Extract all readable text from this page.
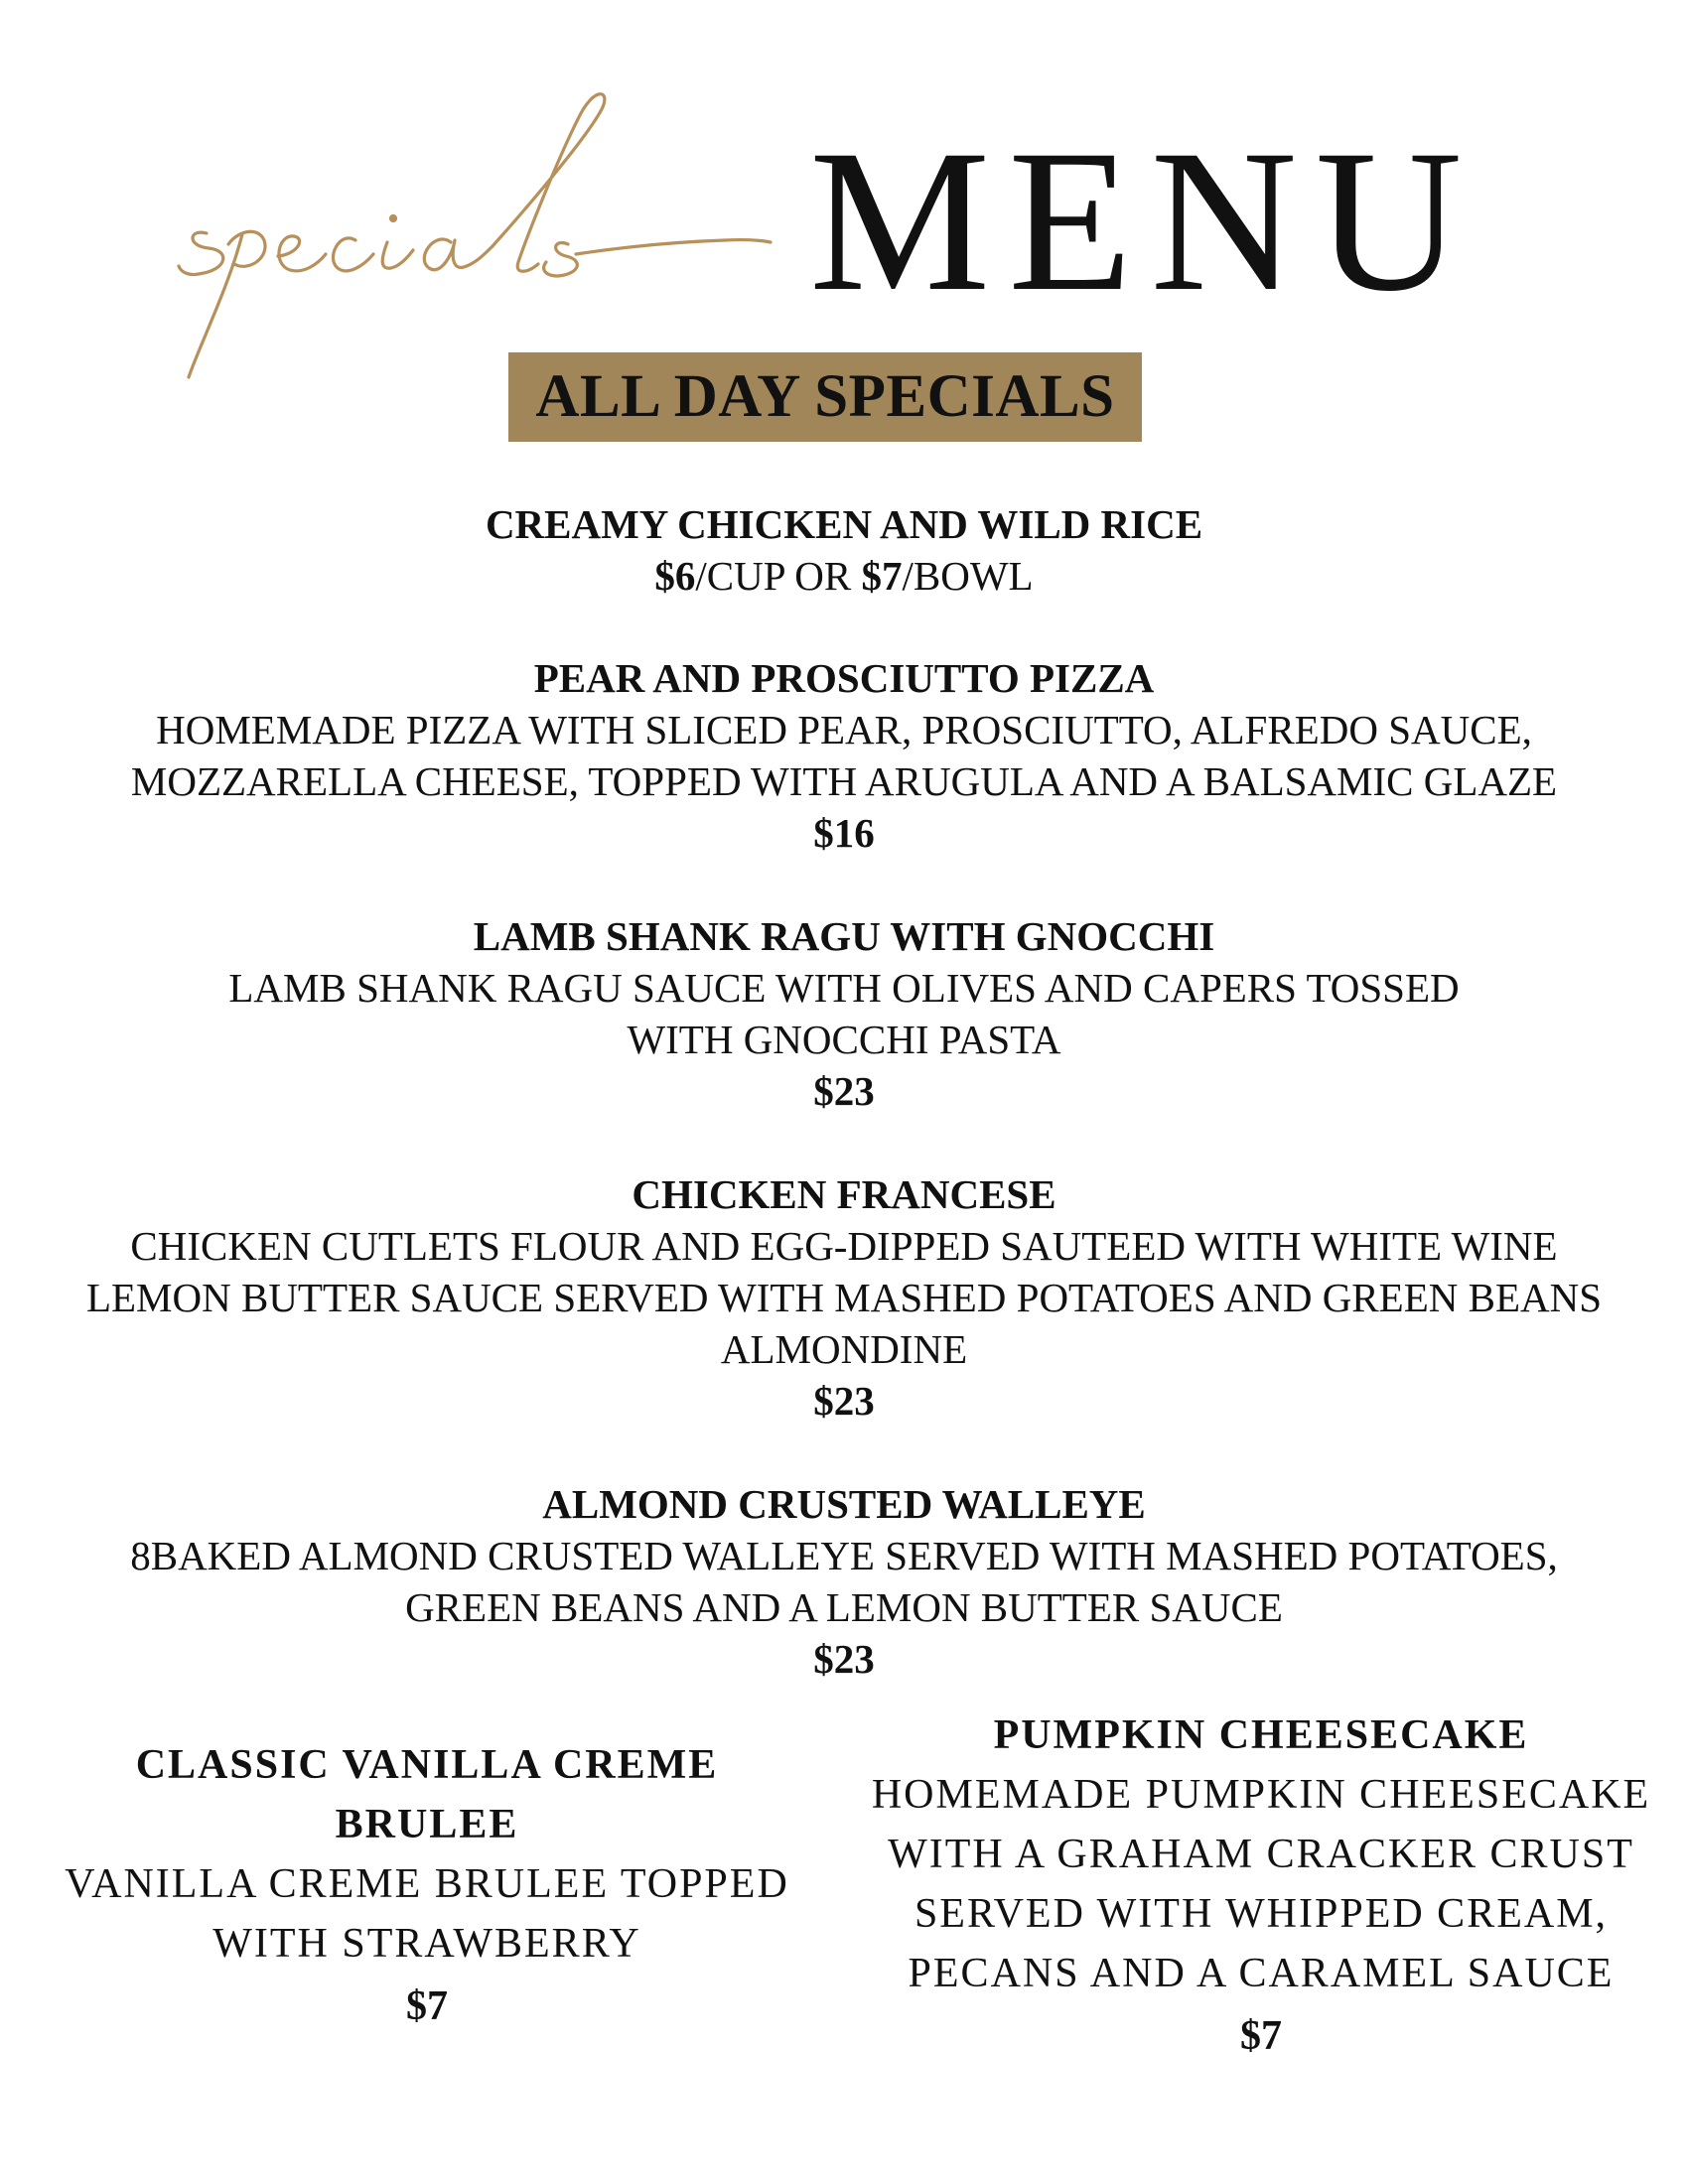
MENU
ALL DAY SPECIALS
CREAMY CHICKEN AND WILD RICE
$6/CUP OR $7/BOWL
PEAR AND PROSCIUTTO PIZZA
HOMEMADE PIZZA WITH SLICED PEAR, PROSCIUTTO, ALFREDO SAUCE,
MOZZARELLA CHEESE, TOPPED WITH ARUGULA AND A BALSAMIC GLAZE
$16
LAMB SHANK RAGU WITH GNOCCHI
LAMB SHANK RAGU SAUCE WITH OLIVES AND CAPERS TOSSED
WITH GNOCCHI PASTA
$23
CHICKEN FRANCESE
CHICKEN CUTLETS FLOUR AND EGG-DIPPED SAUTEED WITH WHITE WINE
LEMON BUTTER SAUCE SERVED WITH MASHED POTATOES AND GREEN BEANS
ALMONDINE
$23
ALMOND CRUSTED WALLEYE
8BAKED ALMOND CRUSTED WALLEYE SERVED WITH MASHED POTATOES,
GREEN BEANS AND A LEMON BUTTER SAUCE
$23
CLASSIC VANILLA CREME
BRULEE
VANILLA CREME BRULEE TOPPED
WITH STRAWBERRY
$7
PUMPKIN CHEESECAKE
HOMEMADE PUMPKIN CHEESECAKE
WITH A GRAHAM CRACKER CRUST
SERVED WITH WHIPPED CREAM,
PECANS AND A CARAMEL SAUCE
$7
